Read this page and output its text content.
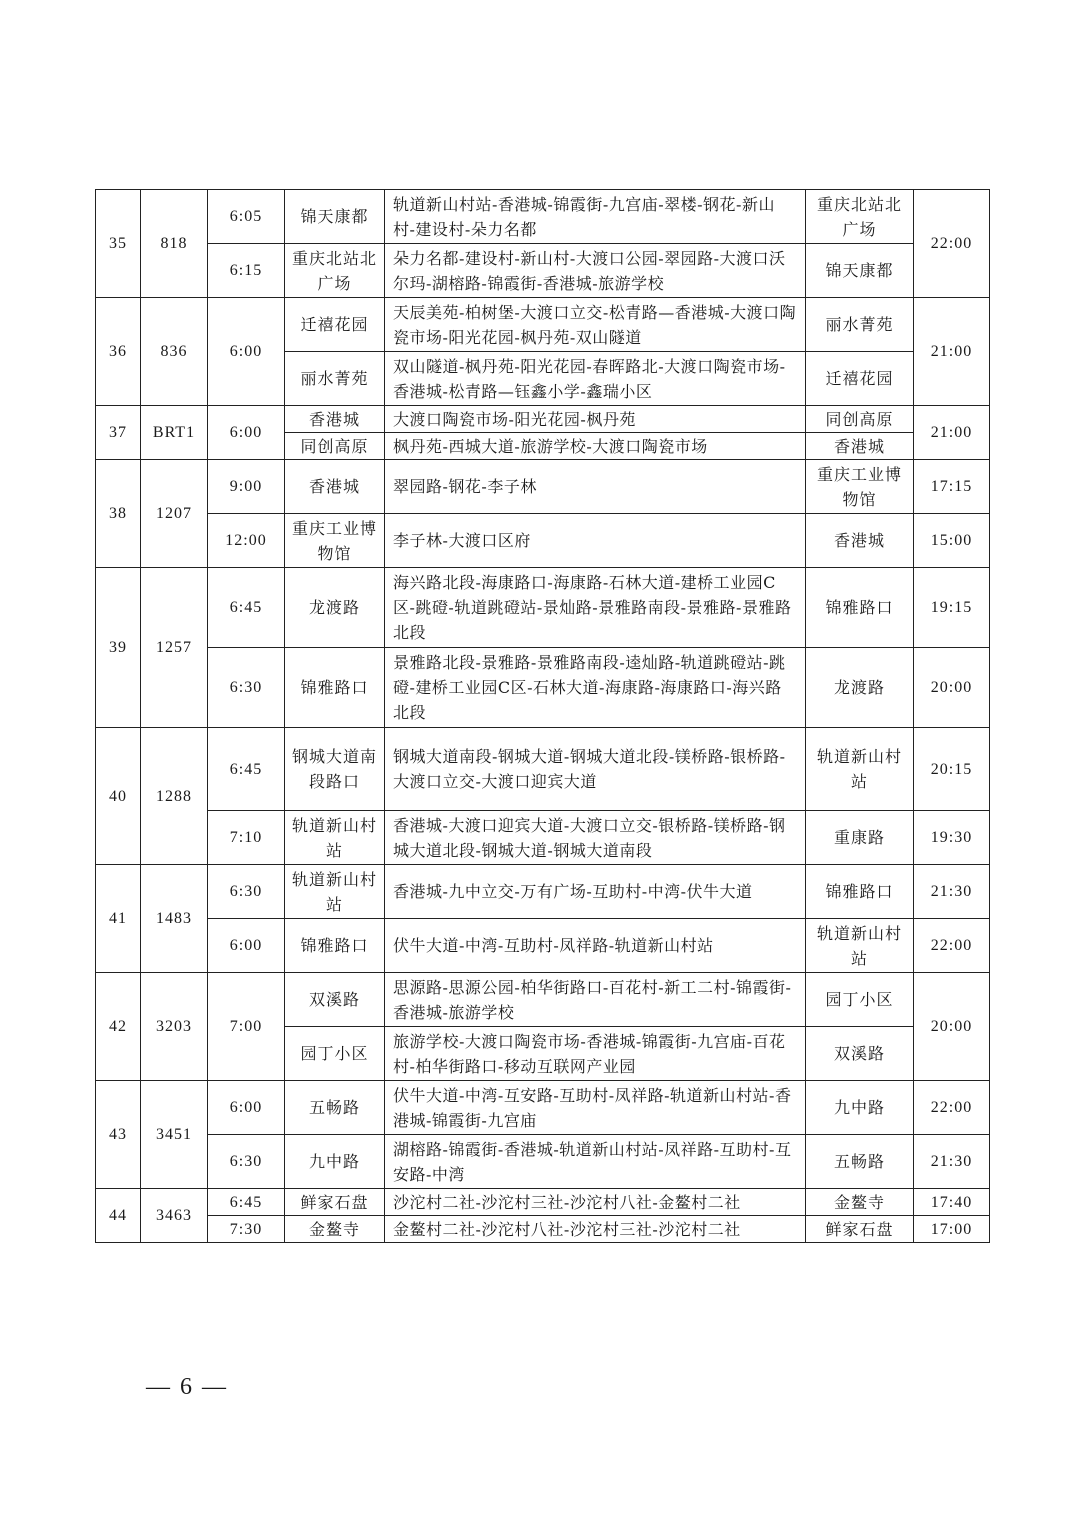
35	818	6:05	锦天康都	轨道新山村站-香港城-锦霞街-九宫庙-翠楼-钢花-新山村-建设村-朵力名都	重庆北站北广场	22:00
		6:15	重庆北站北广场	朵力名都-建设村-新山村-大渡口公园-翠园路-大渡口沃尔玛-湖榕路-锦霞街-香港城-旅游学校	锦天康都	
36	836	6:00	迁禧花园	天辰美苑-柏树堡-大渡口立交-松青路—香港城-大渡口陶瓷市场-阳光花园-枫丹苑-双山隧道	丽水菁苑	21:00
			丽水菁苑	双山隧道-枫丹苑-阳光花园-春晖路北-大渡口陶瓷市场-香港城-松青路—钰鑫小学-鑫瑞小区	迁禧花园	
37	BRT1	6:00	香港城	大渡口陶瓷市场-阳光花园-枫丹苑	同创高原	21:00
			同创高原	枫丹苑-西城大道-旅游学校-大渡口陶瓷市场	香港城	
38	1207	9:00	香港城	翠园路-钢花-李子林	重庆工业博物馆	17:15
		12:00	重庆工业博物馆	李子林-大渡口区府	香港城	15:00
39	1257	6:45	龙渡路	海兴路北段-海康路口-海康路-石林大道-建桥工业园C区-跳磴-轨道跳磴站-景灿路-景雅路南段-景雅路-景雅路北段	锦雅路口	19:15
		6:30	锦雅路口	景雅路北段-景雅路-景雅路南段-逵灿路-轨道跳磴站-跳磴-建桥工业园C区-石林大道-海康路-海康路口-海兴路北段	龙渡路	20:00
40	1288	6:45	钢城大道南段路口	钢城大道南段-钢城大道-钢城大道北段-镁桥路-银桥路-大渡口立交-大渡口迎宾大道	轨道新山村站	20:15
		7:10	轨道新山村站	香港城-大渡口迎宾大道-大渡口立交-银桥路-镁桥路-钢城大道北段-钢城大道-钢城大道南段	重康路	19:30
41	1483	6:30	轨道新山村站	香港城-九中立交-万有广场-互助村-中湾-伏牛大道	锦雅路口	21:30
		6:00	锦雅路口	伏牛大道-中湾-互助村-凤祥路-轨道新山村站	轨道新山村站	22:00
42	3203	7:00	双溪路	思源路-思源公园-柏华街路口-百花村-新工二村-锦霞街-香港城-旅游学校	园丁小区	20:00
			园丁小区	旅游学校-大渡口陶瓷市场-香港城-锦霞街-九宫庙-百花村-柏华街路口-移动互联网产业园	双溪路	
43	3451	6:00	五畅路	伏牛大道-中湾-互安路-互助村-凤祥路-轨道新山村站-香港城-锦霞街-九宫庙	九中路	22:00
		6:30	九中路	湖榕路-锦霞街-香港城-轨道新山村站-凤祥路-互助村-互安路-中湾	五畅路	21:30
44	3463	6:45	鲜家石盘	沙沱村二社-沙沱村三社-沙沱村八社-金鳌村二社	金鳌寺	17:40
		7:30	金鳌寺	金鳌村二社-沙沱村八社-沙沱村三社-沙沱村二社	鲜家石盘	17:00
— 6 —
